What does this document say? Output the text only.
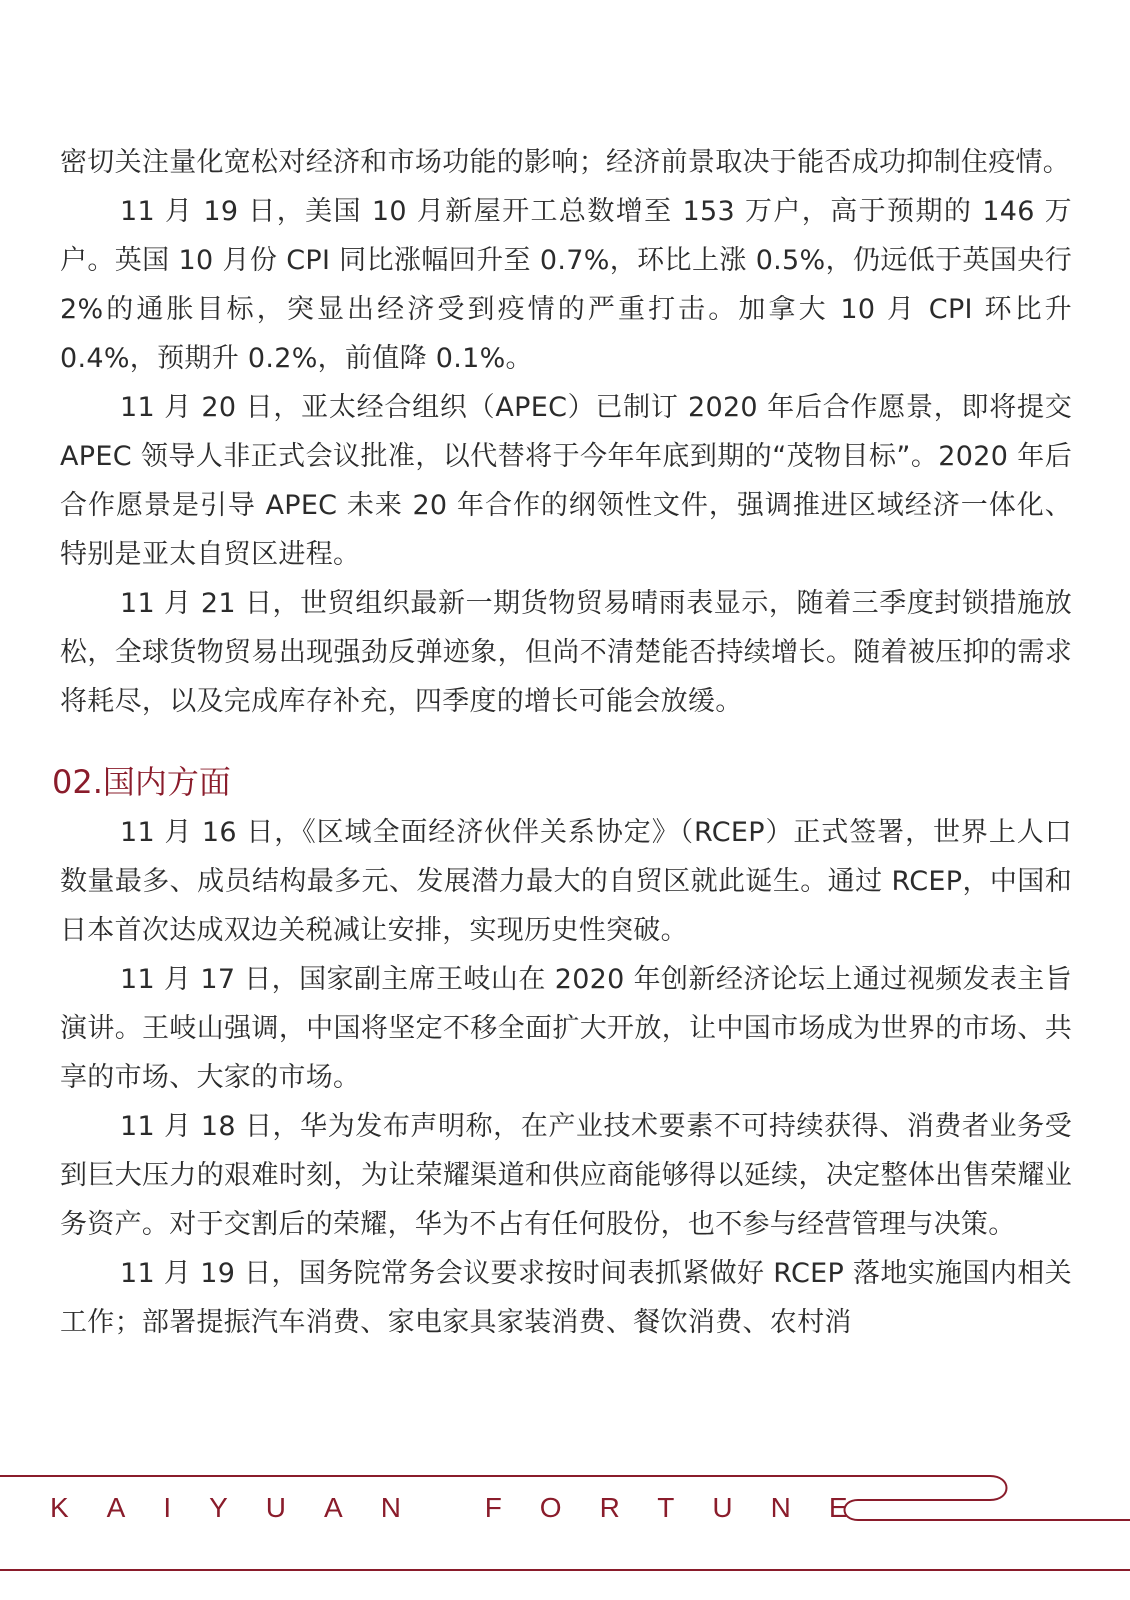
密切关注量化宽松对经济和市场功能的影响；经济前景取决于能否成功抑制住疫情。

11 月 19 日，美国 10 月新屋开工总数增至 153 万户，高于预期的 146 万户。英国 10 月份 CPI 同比涨幅回升至 0.7%，环比上涨 0.5%，仍远低于英国央行 2%的通胀目标，突显出经济受到疫情的严重打击。加拿大 10 月 CPI 环比升 0.4%，预期升 0.2%，前值降 0.1%。

11 月 20 日，亚太经合组织（APEC）已制订 2020 年后合作愿景，即将提交 APEC 领导人非正式会议批准，以代替将于今年年底到期的“茂物目标”。2020 年后合作愿景是引导 APEC 未来 20 年合作的纲领性文件，强调推进区域经济一体化、特别是亚太自贸区进程。

11 月 21 日，世贸组织最新一期货物贸易晴雨表显示，随着三季度封锁措施放松，全球货物贸易出现强劲反弹迹象，但尚不清楚能否持续增长。随着被压抑的需求将耗尽，以及完成库存补充，四季度的增长可能会放缓。

02.国内方面

11 月 16 日，《区域全面经济伙伴关系协定》（RCEP）正式签署，世界上人口数量最多、成员结构最多元、发展潜力最大的自贸区就此诞生。通过 RCEP，中国和日本首次达成双边关税减让安排，实现历史性突破。

11 月 17 日，国家副主席王岐山在 2020 年创新经济论坛上通过视频发表主旨演讲。王岐山强调，中国将坚定不移全面扩大开放，让中国市场成为世界的市场、共享的市场、大家的市场。

11 月 18 日，华为发布声明称，在产业技术要素不可持续获得、消费者业务受到巨大压力的艰难时刻，为让荣耀渠道和供应商能够得以延续，决定整体出售荣耀业务资产。对于交割后的荣耀，华为不占有任何股份，也不参与经营管理与决策。

11 月 19 日，国务院常务会议要求按时间表抓紧做好 RCEP 落地实施国内相关工作；部署提振汽车消费、家电家具家装消费、餐饮消费、农村消

KAIYUAN FORTUNE
